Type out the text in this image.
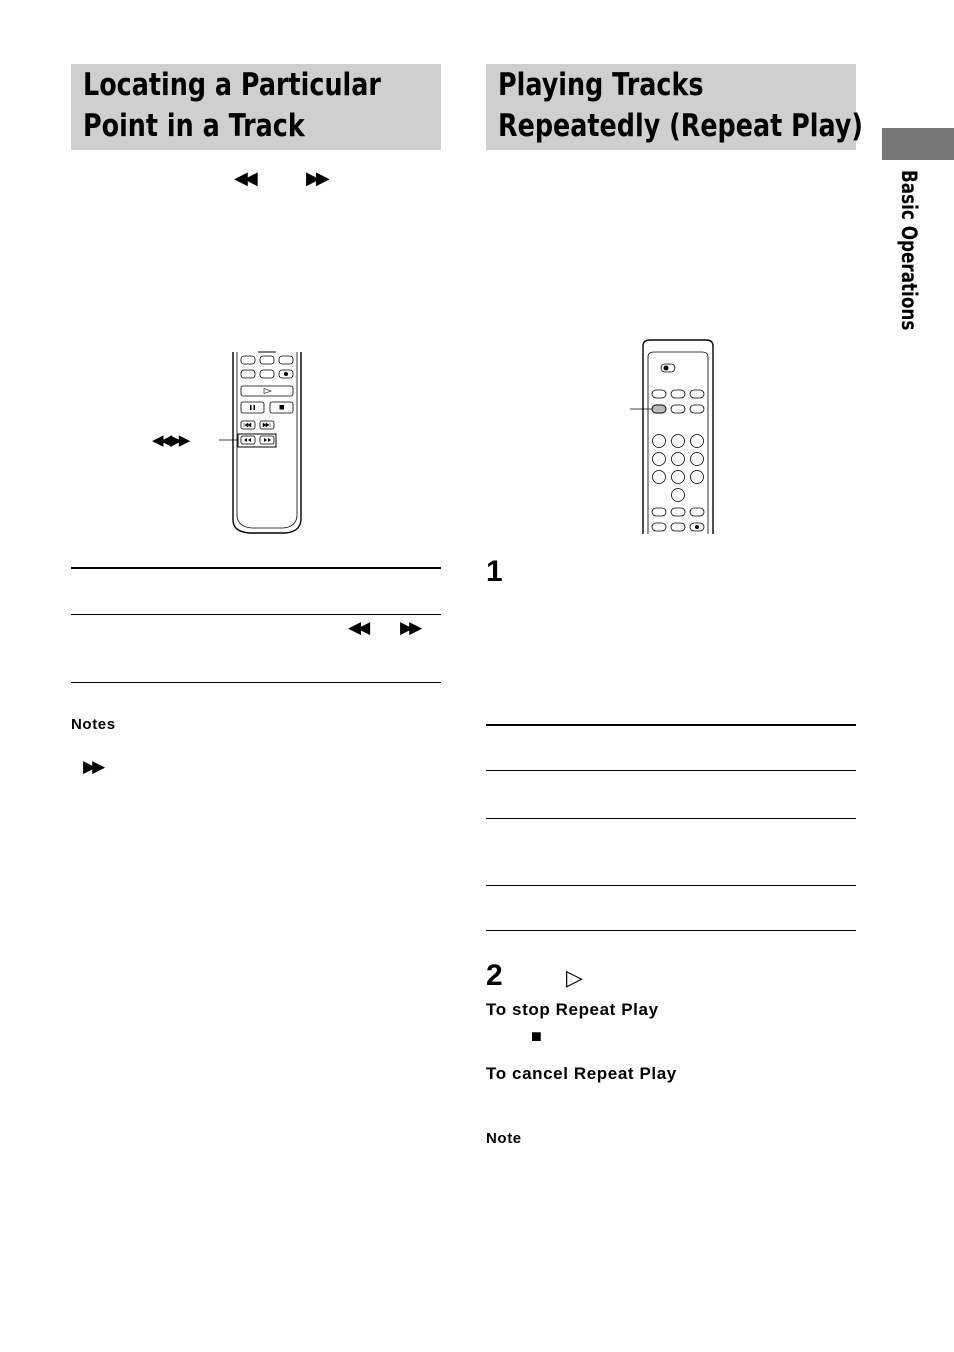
Locating a Particular
Point in a Track
◀◀	▶▶
◀◀ ▶▶
◀◀ ▶▶
Notes
▶▶
Playing Tracks
Repeatedly (Repeat Play)
1
2	▷
To stop Repeat Play
■
To cancel Repeat Play
Note
Basic Operations
